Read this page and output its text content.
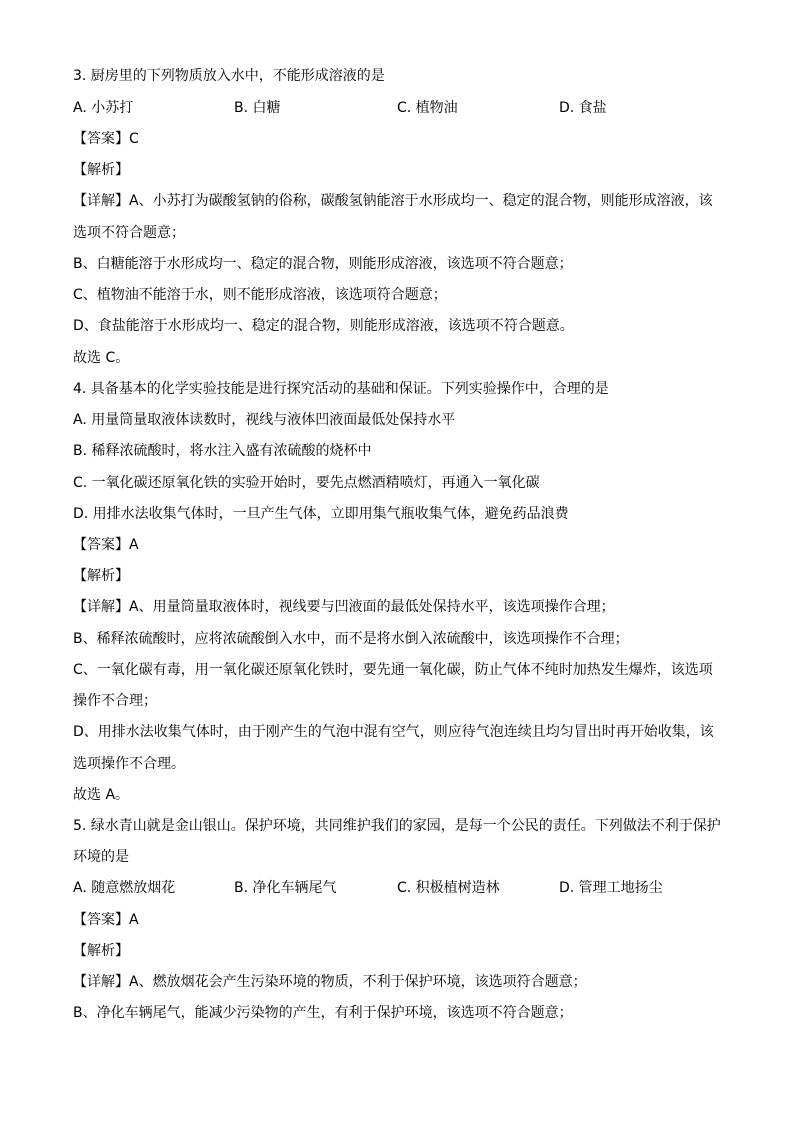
3. 厨房里的下列物质放入水中，不能形成溶液的是
A. 小苏打	B. 白糖	C. 植物油	D. 食盐
【答案】C
【解析】
【详解】A、小苏打为碳酸氢钠的俗称，碳酸氢钠能溶于水形成均一、稳定的混合物，则能形成溶液，该
选项不符合题意；
B、白糖能溶于水形成均一、稳定的混合物，则能形成溶液，该选项不符合题意；
C、植物油不能溶于水，则不能形成溶液，该选项符合题意；
D、食盐能溶于水形成均一、稳定的混合物，则能形成溶液，该选项不符合题意。
故选 C。
4. 具备基本的化学实验技能是进行探究活动的基础和保证。下列实验操作中，合理的是
A. 用量筒量取液体读数时，视线与液体凹液面最低处保持水平
B. 稀释浓硫酸时，将水注入盛有浓硫酸的烧杯中
C. 一氧化碳还原氧化铁的实验开始时，要先点燃酒精喷灯，再通入一氧化碳
D. 用排水法收集气体时，一旦产生气体，立即用集气瓶收集气体，避免药品浪费
【答案】A
【解析】
【详解】A、用量筒量取液体时，视线要与凹液面的最低处保持水平，该选项操作合理；
B、稀释浓硫酸时，应将浓硫酸倒入水中，而不是将水倒入浓硫酸中，该选项操作不合理；
C、一氧化碳有毒，用一氧化碳还原氧化铁时，要先通一氧化碳，防止气体不纯时加热发生爆炸，该选项
操作不合理；
D、用排水法收集气体时，由于刚产生的气泡中混有空气，则应待气泡连续且均匀冒出时再开始收集，该
选项操作不合理。
故选 A。
5. 绿水青山就是金山银山。保护环境，共同维护我们的家园，是每一个公民的责任。下列做法不利于保护
环境的是
A. 随意燃放烟花	B. 净化车辆尾气	C. 积极植树造林	D. 管理工地扬尘
【答案】A
【解析】
【详解】A、燃放烟花会产生污染环境的物质，不利于保护环境，该选项符合题意；
B、净化车辆尾气，能减少污染物的产生，有利于保护环境，该选项不符合题意；
